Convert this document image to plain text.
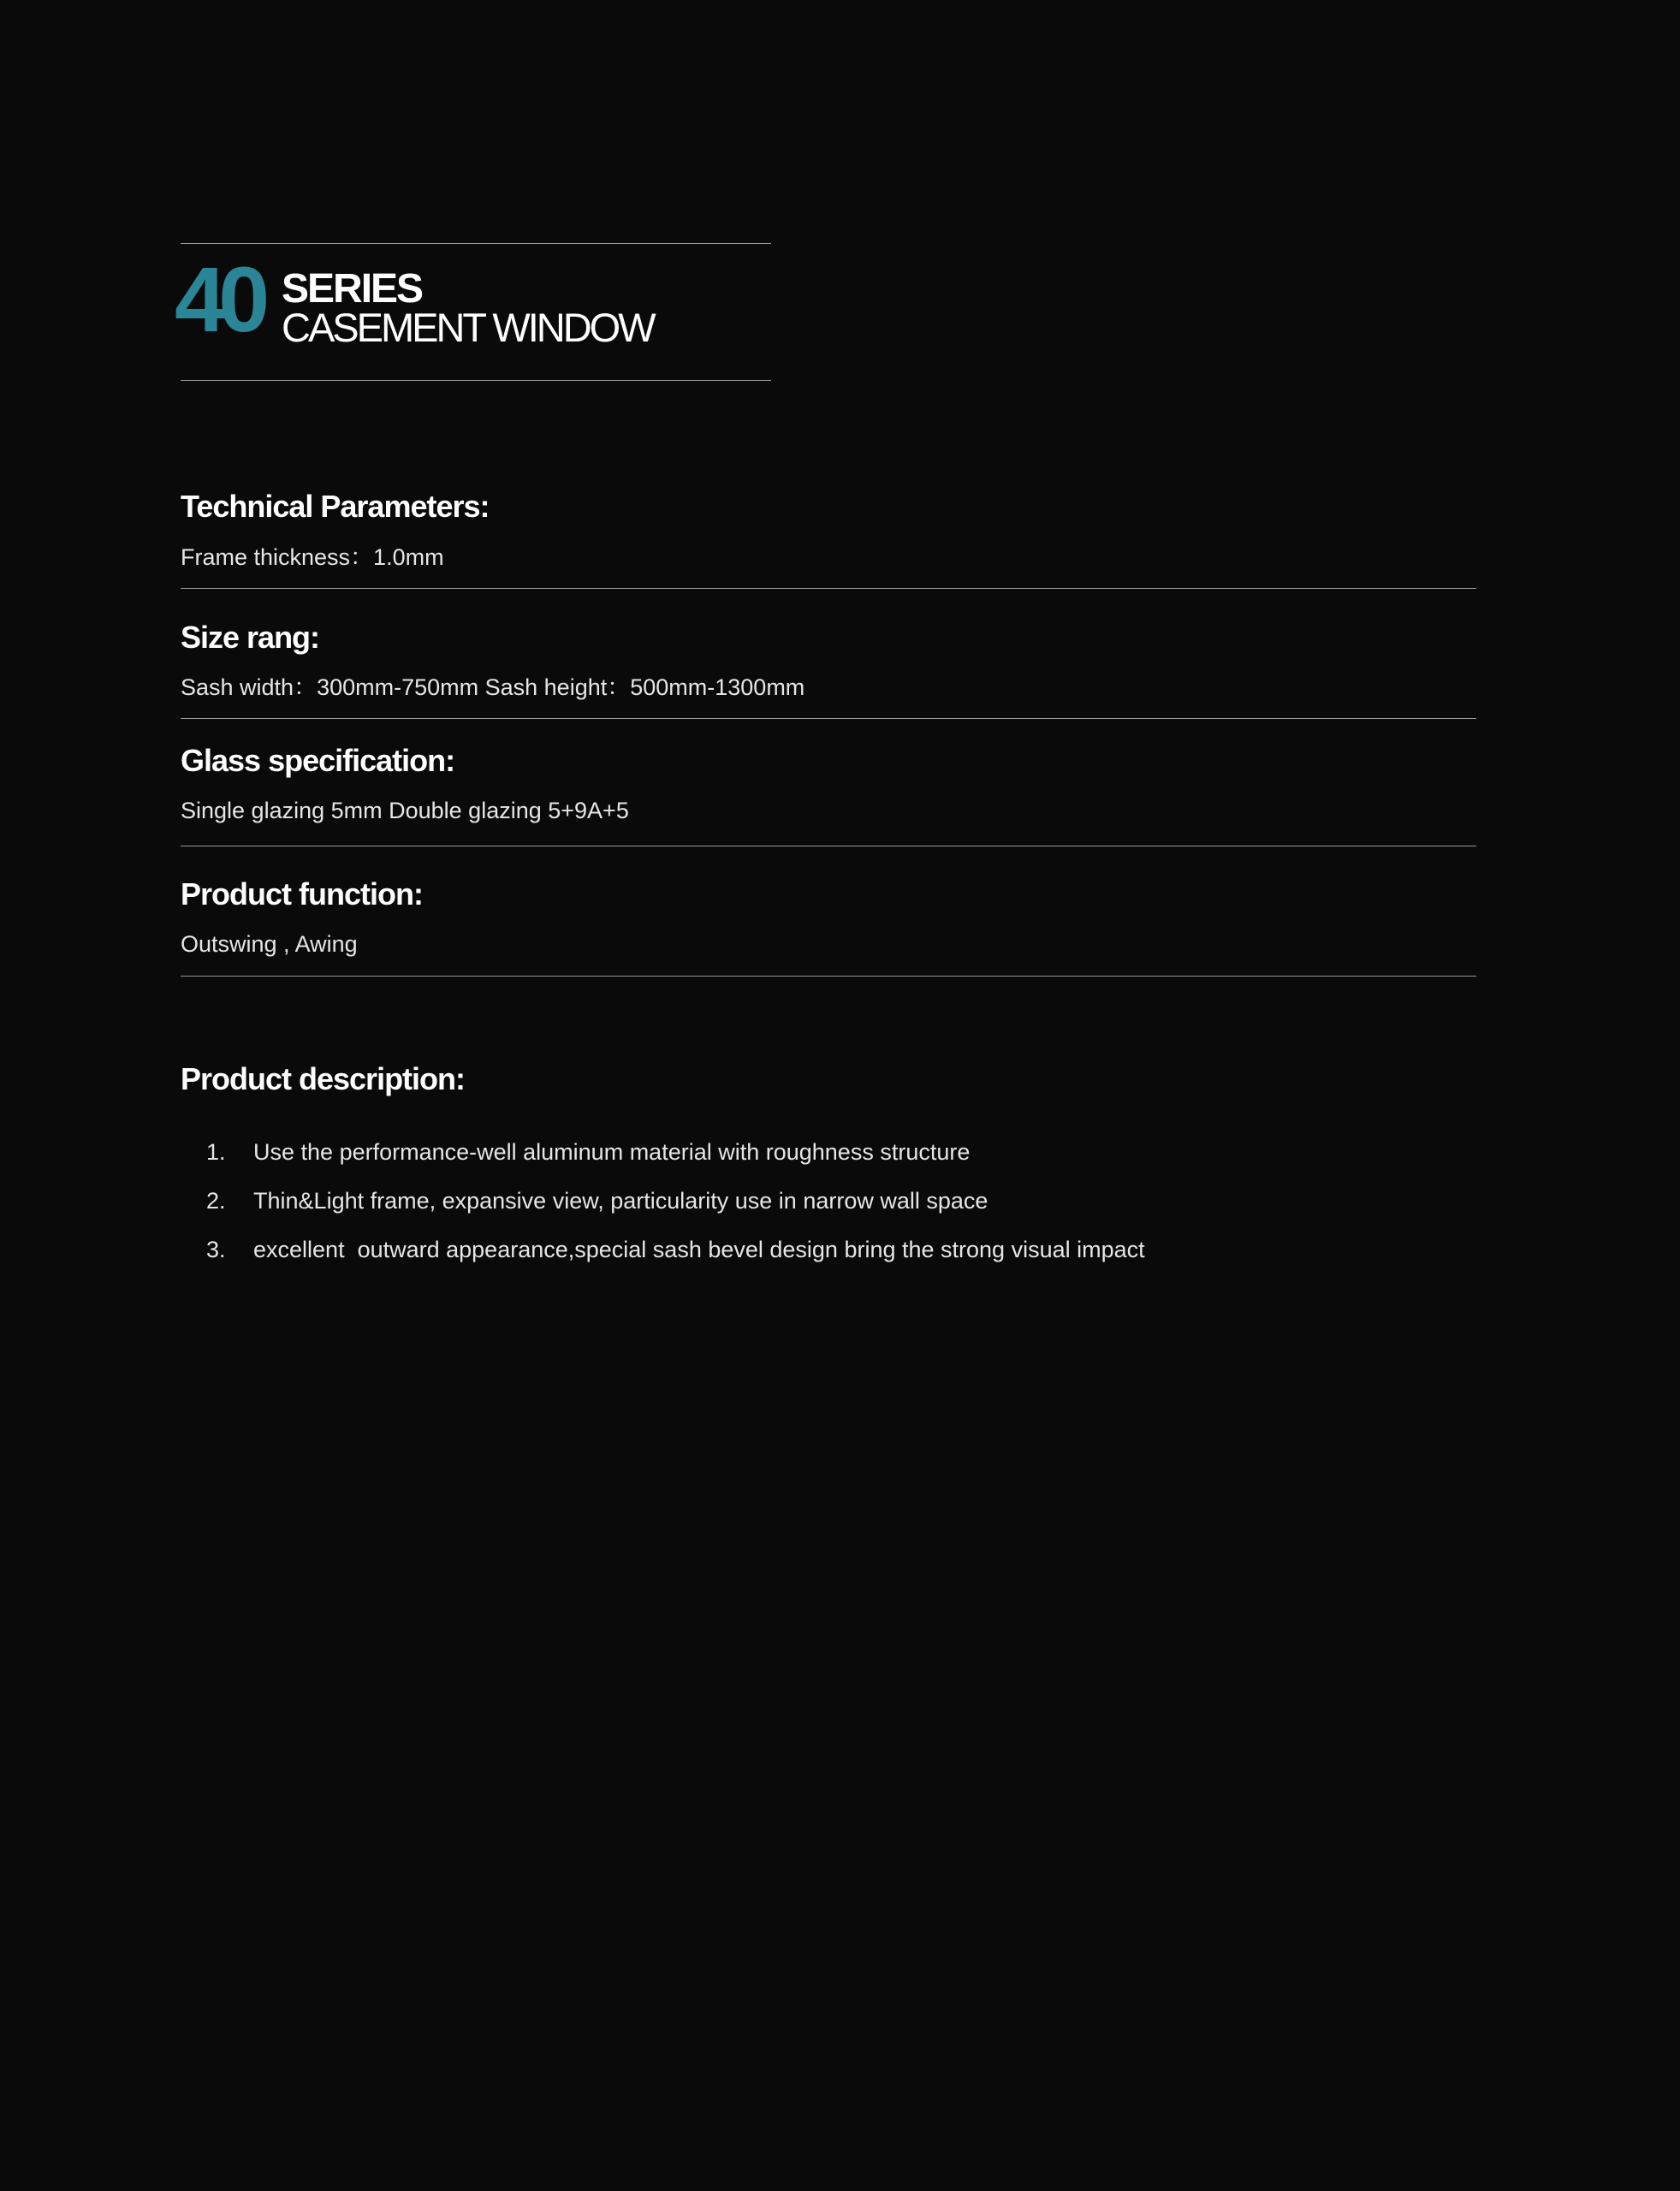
40 SERIES
CASEMENT WINDOW
Technical Parameters:
Frame thickness：1.0mm
Size rang:
Sash width：300mm-750mm Sash height：500mm-1300mm
Glass specification:
Single glazing 5mm Double glazing 5+9A+5
Product function:
Outswing , Awing
Product description:

1. Use the performance-well aluminum material with roughness structure

2. Thin&Light frame, expansive view, particularity use in narrow wall space

3. excellent  outward appearance,special sash bevel design bring the strong visual impact
